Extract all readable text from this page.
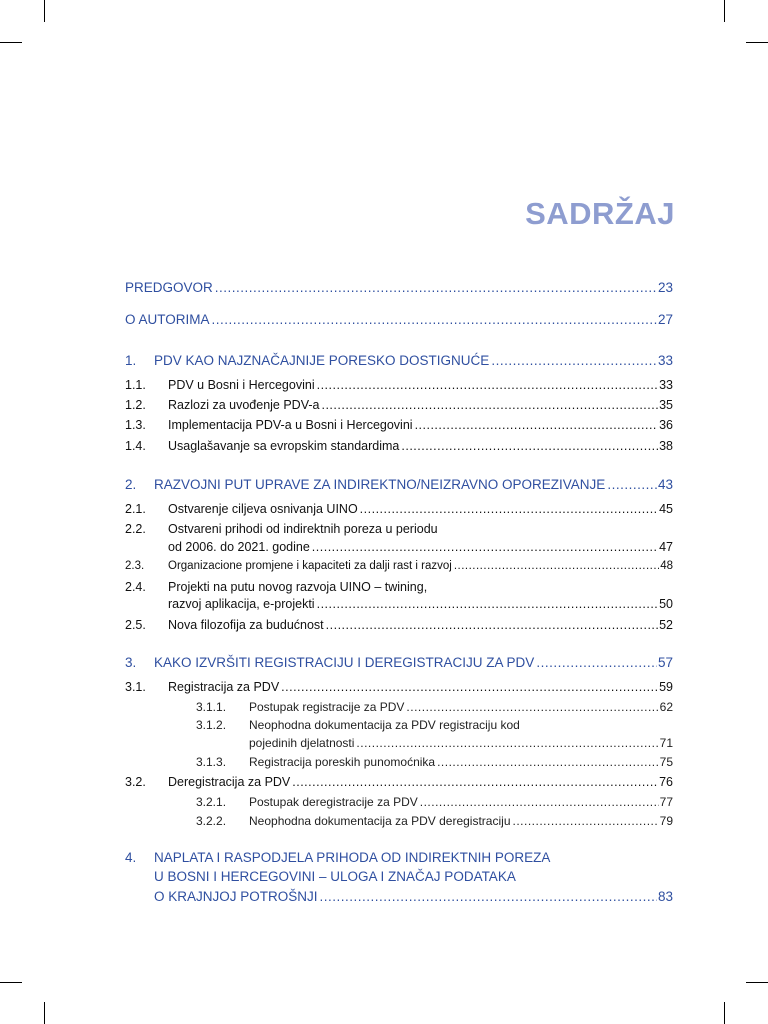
SADRŽAJ
PREDGOVOR .....	23
O AUTORIMA .....	27
1.	PDV KAO NAJZNAČAJNIJE PORESKO DOSTIGNUĆE .....	33
1.1.	PDV u Bosni i Hercegovini .....	33
1.2.	Razlozi za uvođenje PDV-a .....	35
1.3.	Implementacija PDV-a u Bosni i Hercegovini .....	36
1.4.	Usaglašavanje sa evropskim standardima .....	38
2.	RAZVOJNI PUT UPRAVE ZA INDIREKTNO/NEIZRAVNO OPOREZIVANJE .....	43
2.1.	Ostvarenje ciljeva osnivanja UINO .....	45
2.2. Ostvareni prihodi od indirektnih poreza u periodu
od 2006. do 2021. godine .....	47
2.3.	Organizacione promjene i kapaciteti za dalji rast i razvoj .....	48
2.4. Projekti na putu novog razvoja UINO – twining,
razvoj aplikacija, e-projekti .....	50
2.5.	Nova filozofija za budućnost .....	52
3.	KAKO IZVRŠITI REGISTRACIJU I DEREGISTRACIJU ZA PDV .....	57
3.1.	Registracija za PDV .....	59
3.1.1.	Postupak registracije za PDV .....	62
3.1.2. Neophodna dokumentacija za PDV registraciju kod
pojedinih djelatnosti .....	71
3.1.3.	Registracija poreskih punomoćnika .....	75
3.2.	Deregistracija za PDV .....	76
3.2.1.	Postupak deregistracije za PDV .....	77
3.2.2.	Neophodna dokumentacija za PDV deregistraciju .....	79
4. NAPLATA I RASPODJELA PRIHODA OD INDIREKTNIH POREZA
U BOSNI I HERCEGOVINI – ULOGA I ZNAČAJ PODATAKA
O KRAJNJOJ POTROŠNJI .....	83
